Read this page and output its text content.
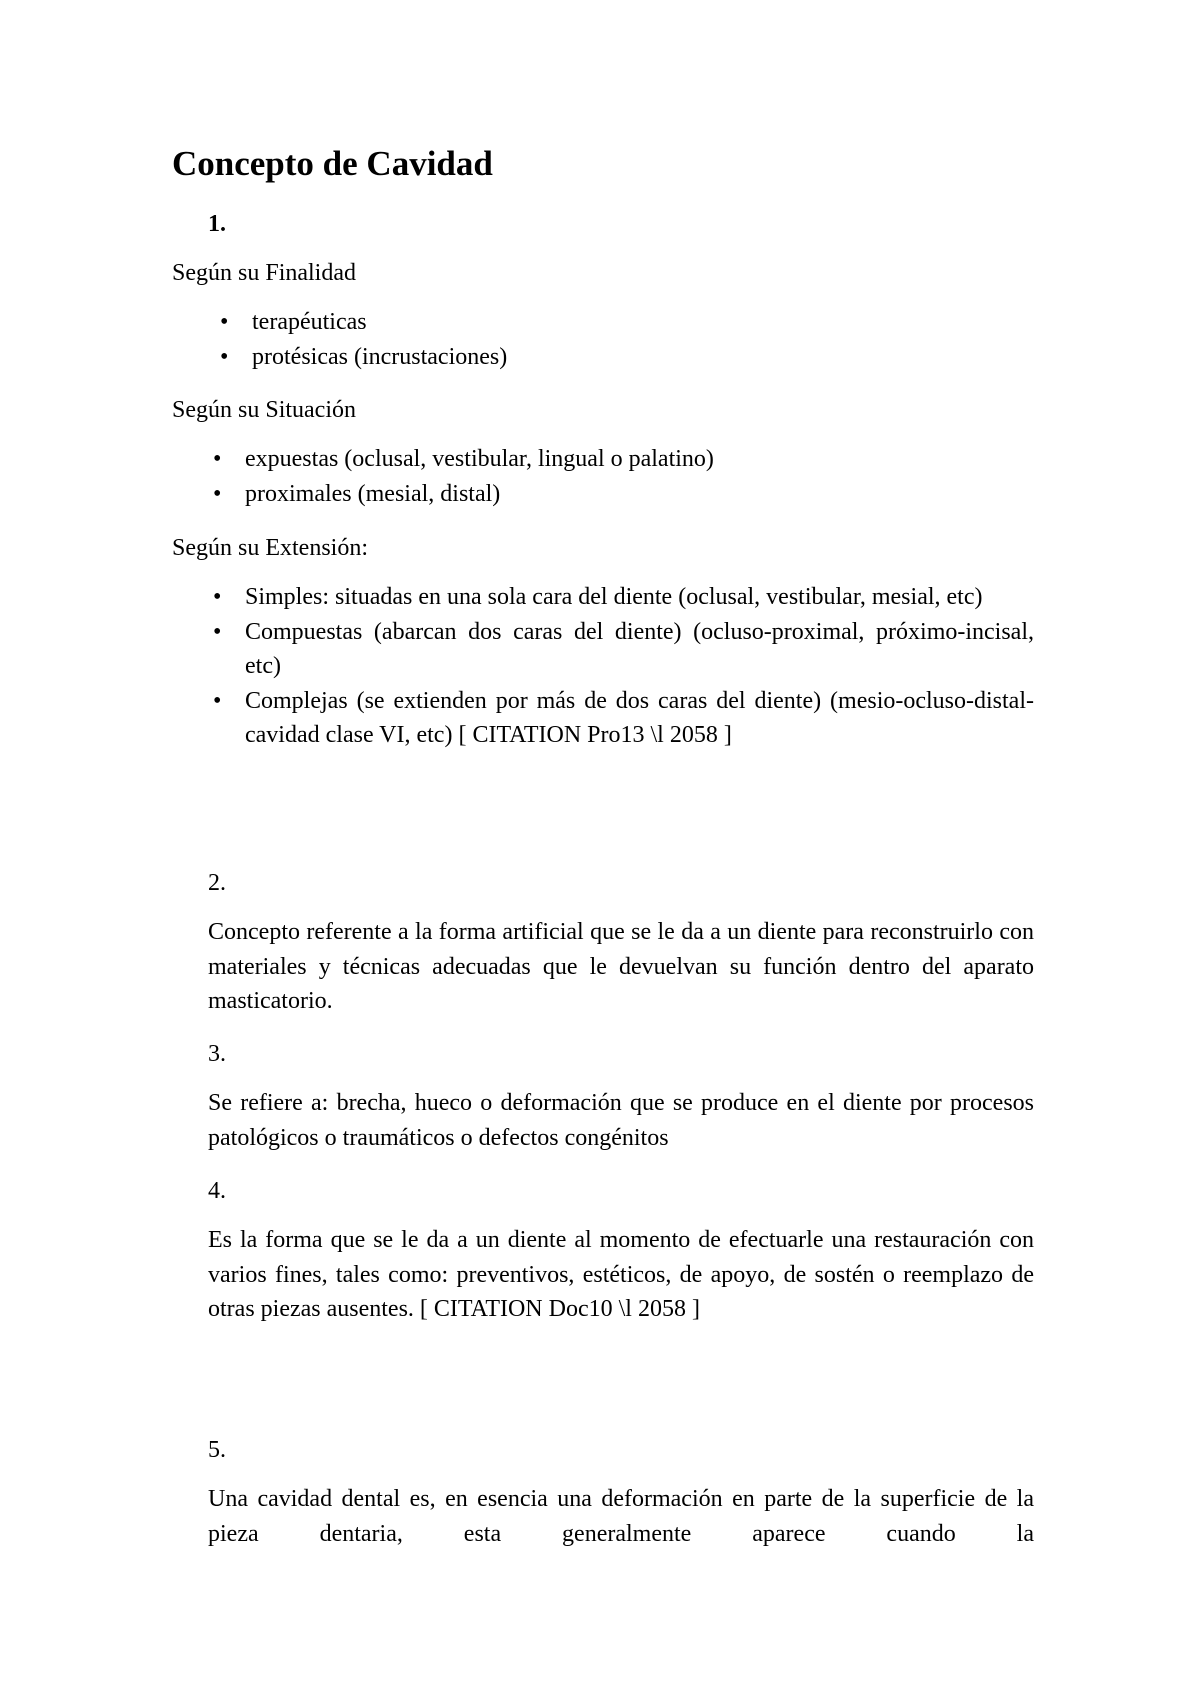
Concepto de Cavidad
1.
Según su Finalidad
• terapéuticas
• protésicas (incrustaciones)
Según su Situación
• expuestas (oclusal, vestibular, lingual o palatino)
• proximales (mesial, distal)
Según su Extensión:
• Simples: situadas en una sola cara del diente (oclusal, vestibular, mesial, etc)
• Compuestas (abarcan dos caras del diente) (ocluso-proximal, próximo-incisal, etc)
• Complejas (se extienden por más de dos caras del diente) (mesio-ocluso-distal- cavidad clase VI, etc) [ CITATION Pro13 \l 2058 ]
2.

Concepto referente a la forma artificial que se le da a un diente para reconstruirlo con materiales y técnicas adecuadas que le devuelvan su función dentro del aparato masticatorio.

3.

Se refiere a: brecha, hueco o deformación que se produce en el diente por procesos patológicos o traumáticos o defectos congénitos

4.

Es la forma que se le da a un diente al momento de efectuarle una restauración con varios fines, tales como: preventivos, estéticos, de apoyo, de sostén o reemplazo de otras piezas ausentes. [ CITATION Doc10 \l 2058 ]

5.

Una cavidad dental es, en esencia una deformación en parte de la superficie de la pieza dentaria, esta generalmente aparece cuando la
